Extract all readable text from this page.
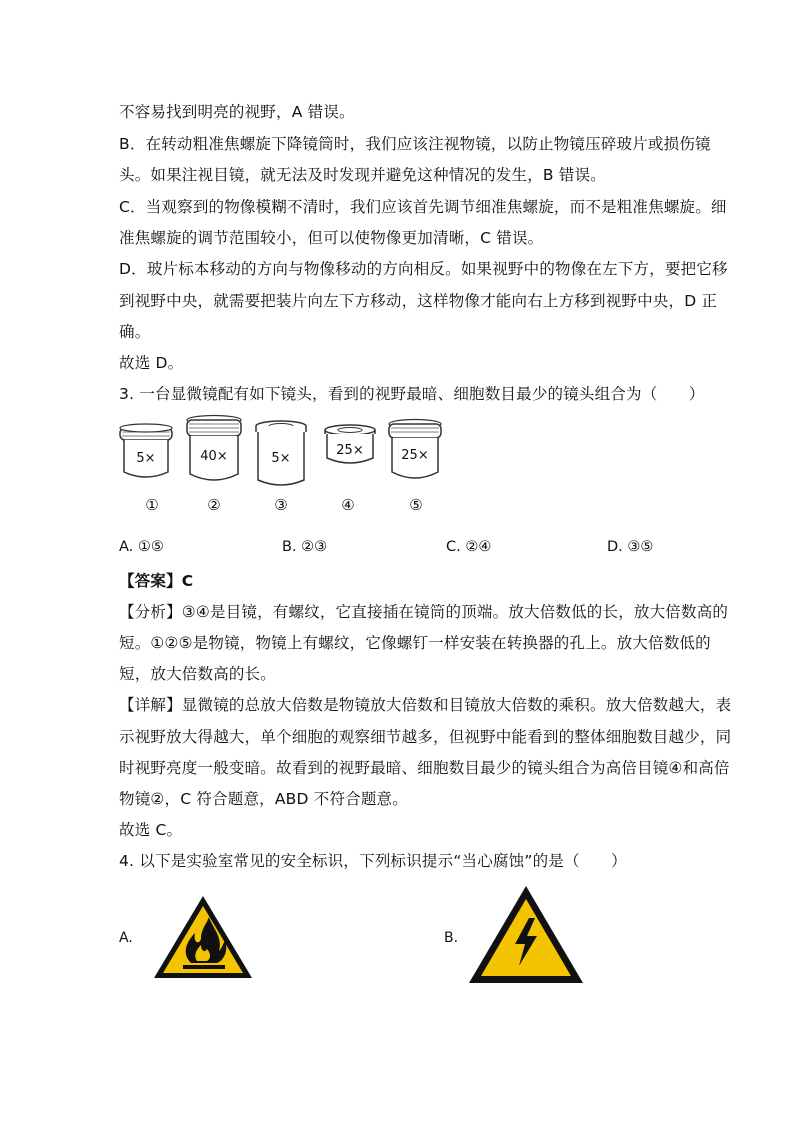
不容易找到明亮的视野，A 错误。
B．在转动粗准焦螺旋下降镜筒时，我们应该注视物镜，以防止物镜压碎玻片或损伤镜
头。如果注视目镜，就无法及时发现并避免这种情况的发生，B 错误。
C．当观察到的物像模糊不清时，我们应该首先调节细准焦螺旋，而不是粗准焦螺旋。细
准焦螺旋的调节范围较小，但可以使物像更加清晰，C 错误。
D．玻片标本移动的方向与物像移动的方向相反。如果视野中的物像在左下方，要把它移
到视野中央，就需要把装片向左下方移动，这样物像才能向右上方移到视野中央，D 正
确。
故选 D。
3. 一台显微镜配有如下镜头，看到的视野最暗、细胞数目最少的镜头组合为（　　）
5×	40×	5×
25×	25×
①	②	③	④	⑤
A. ①⑤	B. ②③	C. ②④	D. ③⑤
【答案】C
【分析】③④是目镜，有螺纹，它直接插在镜筒的顶端。放大倍数低的长，放大倍数高的
短。①②⑤是物镜，物镜上有螺纹，它像螺钉一样安装在转换器的孔上。放大倍数低的
短，放大倍数高的长。
【详解】显微镜的总放大倍数是物镜放大倍数和目镜放大倍数的乘积。放大倍数越大，表
示视野放大得越大，单个细胞的观察细节越多，但视野中能看到的整体细胞数目越少，同
时视野亮度一般变暗。故看到的视野最暗、细胞数目最少的镜头组合为高倍目镜④和高倍
物镜②，C 符合题意，ABD 不符合题意。
故选 C。
4. 以下是实验室常见的安全标识，下列标识提示“当心腐蚀”的是（　　）
A.	B.
